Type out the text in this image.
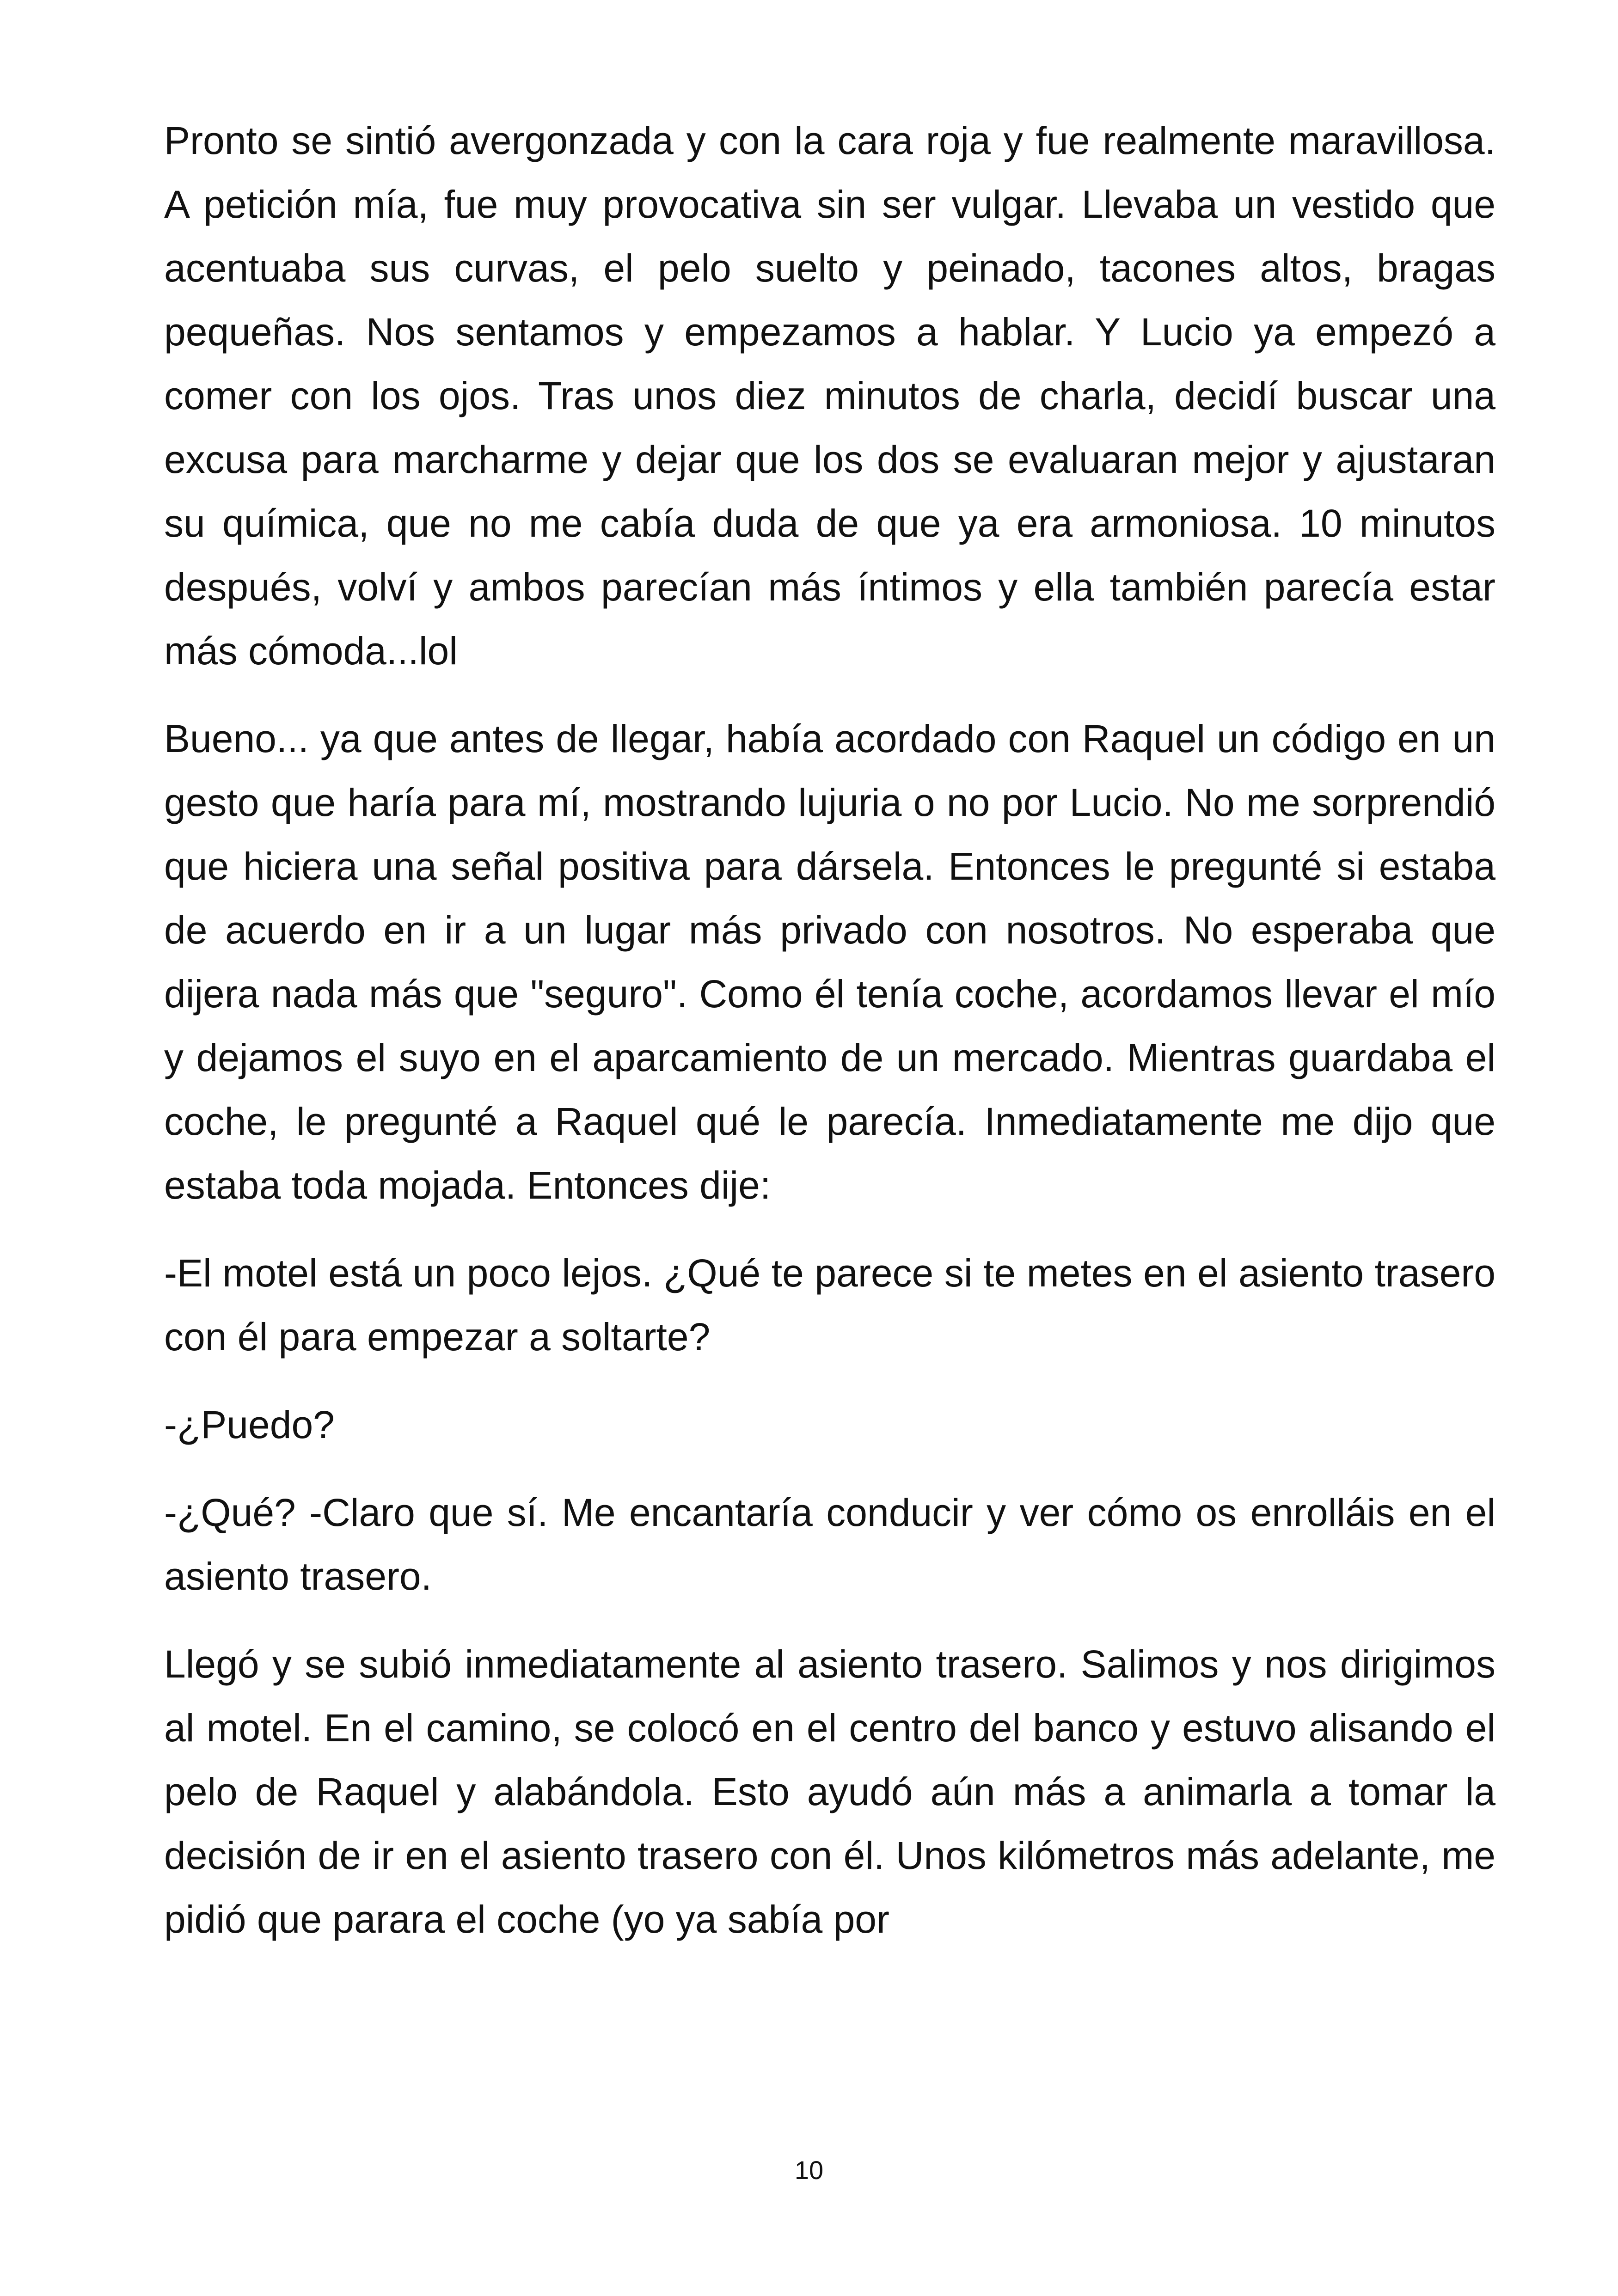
Pronto se sintió avergonzada y con la cara roja y fue realmente maravillosa. A petición mía, fue muy provocativa sin ser vulgar. Llevaba un vestido que acentuaba sus curvas, el pelo suelto y peinado, tacones altos, bragas pequeñas. Nos sentamos y empezamos a hablar. Y Lucio ya empezó a comer con los ojos. Tras unos diez minutos de charla, decidí buscar una excusa para marcharme y dejar que los dos se evaluaran mejor y ajustaran su química, que no me cabía duda de que ya era armoniosa. 10 minutos después, volví y ambos parecían más íntimos y ella también parecía estar más cómoda...lol

Bueno... ya que antes de llegar, había acordado con Raquel un código en un gesto que haría para mí, mostrando lujuria o no por Lucio. No me sorprendió que hiciera una señal positiva para dársela. Entonces le pregunté si estaba de acuerdo en ir a un lugar más privado con nosotros. No esperaba que dijera nada más que "seguro". Como él tenía coche, acordamos llevar el mío y dejamos el suyo en el aparcamiento de un mercado. Mientras guardaba el coche, le pregunté a Raquel qué le parecía. Inmediatamente me dijo que estaba toda mojada. Entonces dije:

-El motel está un poco lejos. ¿Qué te parece si te metes en el asiento trasero con él para empezar a soltarte?

-¿Puedo?

-¿Qué? -Claro que sí. Me encantaría conducir y ver cómo os enrolláis en el asiento trasero.

Llegó y se subió inmediatamente al asiento trasero. Salimos y nos dirigimos al motel. En el camino, se colocó en el centro del banco y estuvo alisando el pelo de Raquel y alabándola. Esto ayudó aún más a animarla a tomar la decisión de ir en el asiento trasero con él. Unos kilómetros más adelante, me pidió que parara el coche (yo ya sabía por

10
